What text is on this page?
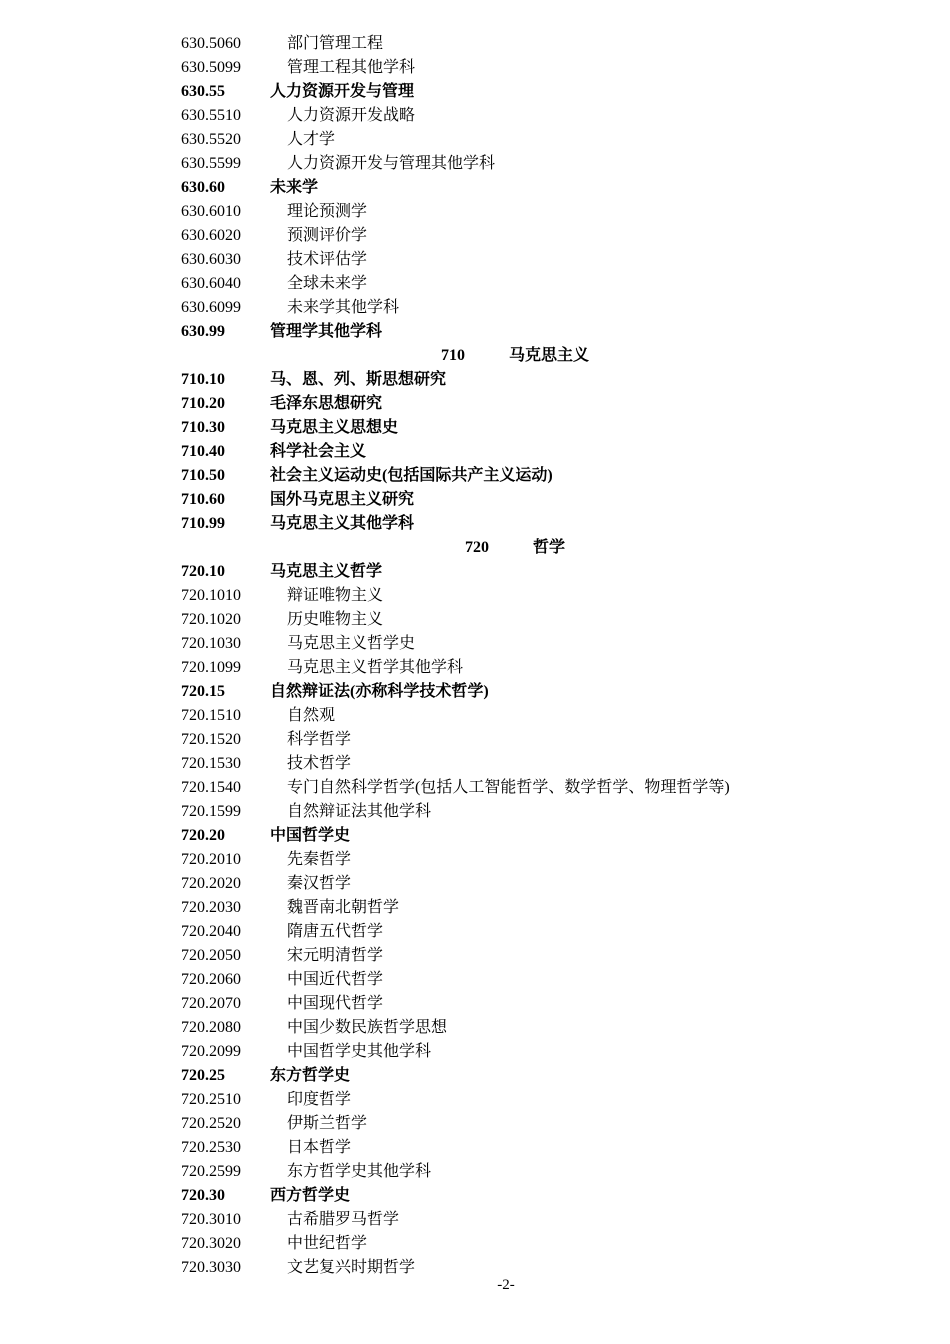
630.5060	部门管理工程
630.5099	管理工程其他学科
630.55	人力资源开发与管理
630.5510	人力资源开发战略
630.5520	人才学
630.5599	人力资源开发与管理其他学科
630.60	未来学
630.6010	理论预测学
630.6020	预测评价学
630.6030	技术评估学
630.6040	全球未来学
630.6099	未来学其他学科
630.99	管理学其他学科
710	马克思主义
710.10	马、恩、列、斯思想研究
710.20	毛泽东思想研究
710.30	马克思主义思想史
710.40	科学社会主义
710.50	社会主义运动史(包括国际共产主义运动)
710.60	国外马克思主义研究
710.99	马克思主义其他学科
720	哲学
720.10	马克思主义哲学
720.1010	辩证唯物主义
720.1020	历史唯物主义
720.1030	马克思主义哲学史
720.1099	马克思主义哲学其他学科
720.15	自然辩证法(亦称科学技术哲学)
720.1510	自然观
720.1520	科学哲学
720.1530	技术哲学
720.1540	专门自然科学哲学(包括人工智能哲学、数学哲学、物理哲学等)
720.1599	自然辩证法其他学科
720.20	中国哲学史
720.2010	先秦哲学
720.2020	秦汉哲学
720.2030	魏晋南北朝哲学
720.2040	隋唐五代哲学
720.2050	宋元明清哲学
720.2060	中国近代哲学
720.2070	中国现代哲学
720.2080	中国少数民族哲学思想
720.2099	中国哲学史其他学科
720.25	东方哲学史
720.2510	印度哲学
720.2520	伊斯兰哲学
720.2530	日本哲学
720.2599	东方哲学史其他学科
720.30	西方哲学史
720.3010	古希腊罗马哲学
720.3020	中世纪哲学
720.3030	文艺复兴时期哲学
-2-
